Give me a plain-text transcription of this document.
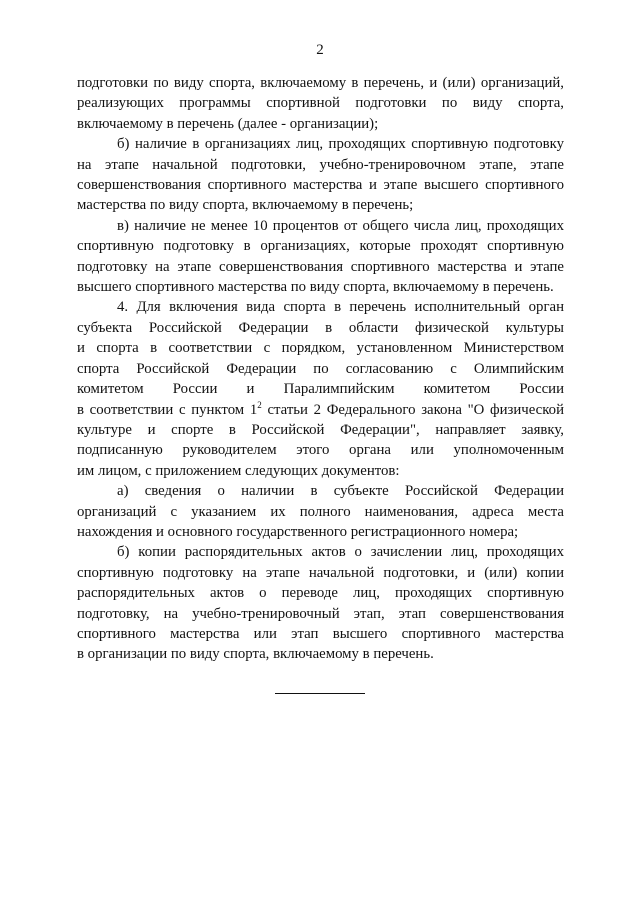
2

подготовки по виду спорта, включаемому в перечень, и (или) организаций,
реализующих программы спортивной подготовки по виду спорта,
включаемому в перечень (далее - организации);

б) наличие в организациях лиц, проходящих спортивную подготовку
на этапе начальной подготовки, учебно-тренировочном этапе, этапе
совершенствования спортивного мастерства и этапе высшего спортивного
мастерства по виду спорта, включаемому в перечень;

в) наличие не менее 10 процентов от общего числа лиц, проходящих
спортивную подготовку в организациях, которые проходят спортивную
подготовку на этапе совершенствования спортивного мастерства и этапе
высшего спортивного мастерства по виду спорта, включаемому в перечень.

4. Для включения вида спорта в перечень исполнительный орган
субъекта Российской Федерации в области физической культуры
и спорта в соответствии с порядком, установленном Министерством
спорта Российской Федерации по согласованию с Олимпийским
комитетом России и Паралимпийским комитетом России
в соответствии с пунктом $1^2$ статьи 2 Федерального закона "О физической
культуре и спорте в Российской Федерации", направляет заявку,
подписанную руководителем этого органа или уполномоченным
им лицом, с приложением следующих документов:

а) сведения о наличии в субъекте Российской Федерации
организаций с указанием их полного наименования, адреса места
нахождения и основного государственного регистрационного номера;

б) копии распорядительных актов о зачислении лиц, проходящих
спортивную подготовку на этапе начальной подготовки, и (или) копии
распорядительных актов о переводе лиц, проходящих спортивную
подготовку, на учебно-тренировочный этап, этап совершенствования
спортивного мастерства или этап высшего спортивного мастерства
в организации по виду спорта, включаемому в перечень.
